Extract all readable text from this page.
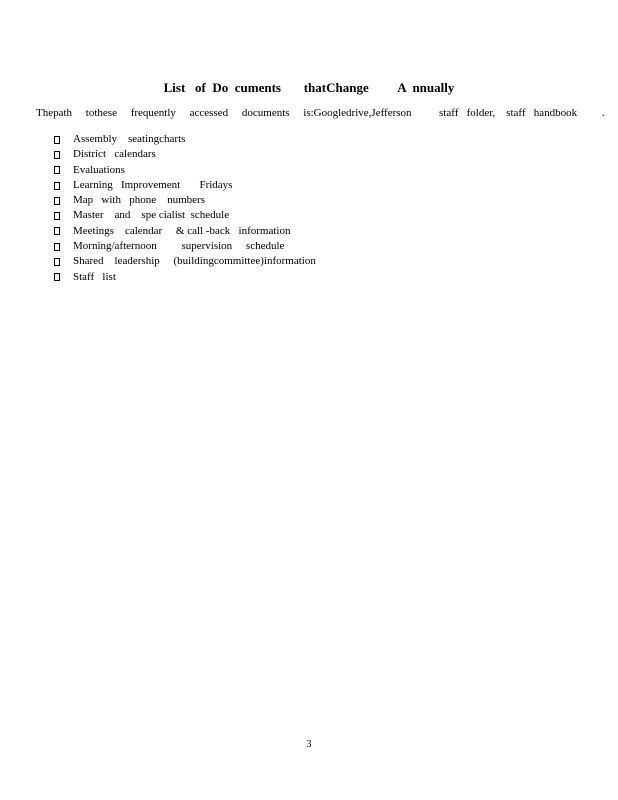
List   of  Do  cuments       thatChange         A  nnually
Thepath     tothese     frequently     accessed     documents     is:Googledrive,Jefferson          staff   folder,    staff   handbook         .
Assembly    seatingcharts
District   calendars
Evaluations
Learning   Improvement       Fridays
Map   with   phone    numbers
Master    and    spe cialist  schedule
Meetings    calendar     & call -back   information
Morning/afternoon         supervision     schedule
Shared    leadership     (buildingcommittee)information
Staff   list
3
